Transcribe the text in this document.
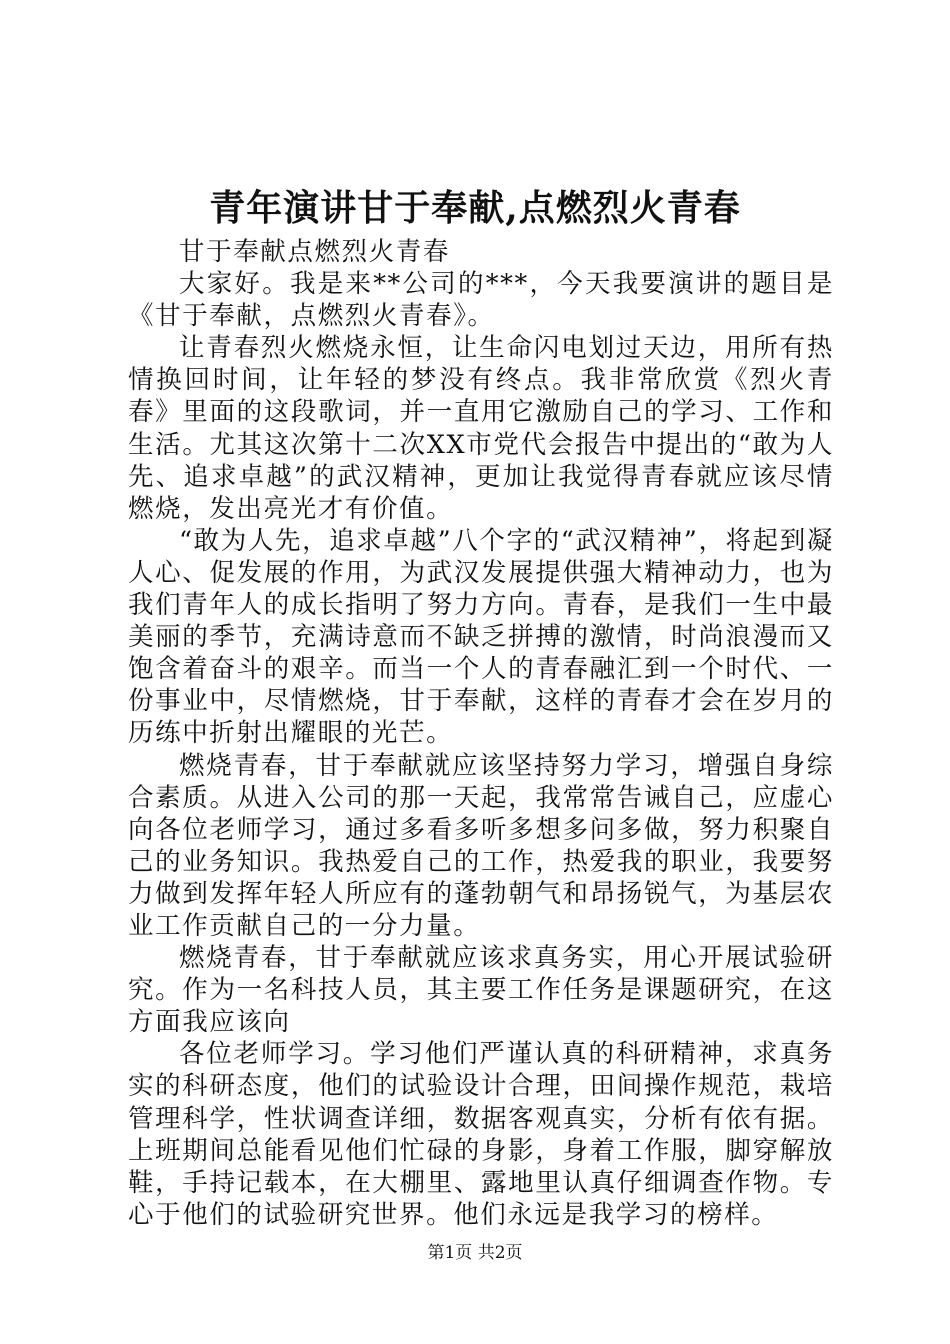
青年演讲甘于奉献,点燃烈火青春

甘于奉献点燃烈火青春

大家好。我是来**公司的***，今天我要演讲的题目是《甘于奉献，点燃烈火青春》。

让青春烈火燃烧永恒，让生命闪电划过天边，用所有热情换回时间，让年轻的梦没有终点。我非常欣赏《烈火青春》里面的这段歌词，并一直用它激励自己的学习、工作和生活。尤其这次第十二次XX市党代会报告中提出的“敢为人先、追求卓越”的武汉精神，更加让我觉得青春就应该尽情燃烧，发出亮光才有价值。

“敢为人先，追求卓越”八个字的“武汉精神”，将起到凝人心、促发展的作用，为武汉发展提供强大精神动力，也为我们青年人的成长指明了努力方向。青春，是我们一生中最美丽的季节，充满诗意而不缺乏拼搏的激情，时尚浪漫而又饱含着奋斗的艰辛。而当一个人的青春融汇到一个时代、一份事业中，尽情燃烧，甘于奉献，这样的青春才会在岁月的历练中折射出耀眼的光芒。

燃烧青春，甘于奉献就应该坚持努力学习，增强自身综合素质。从进入公司的那一天起，我常常告诫自己，应虚心向各位老师学习，通过多看多听多想多问多做，努力积聚自己的业务知识。我热爱自己的工作，热爱我的职业，我要努力做到发挥年轻人所应有的蓬勃朝气和昂扬锐气，为基层农业工作贡献自己的一分力量。

燃烧青春，甘于奉献就应该求真务实，用心开展试验研究。作为一名科技人员，其主要工作任务是课题研究，在这方面我应该向

各位老师学习。学习他们严谨认真的科研精神，求真务实的科研态度，他们的试验设计合理，田间操作规范，栽培管理科学，性状调查详细，数据客观真实，分析有依有据。上班期间总能看见他们忙碌的身影，身着工作服，脚穿解放鞋，手持记载本，在大棚里、露地里认真仔细调查作物。专心于他们的试验研究世界。他们永远是我学习的榜样。

第1页 共2页
